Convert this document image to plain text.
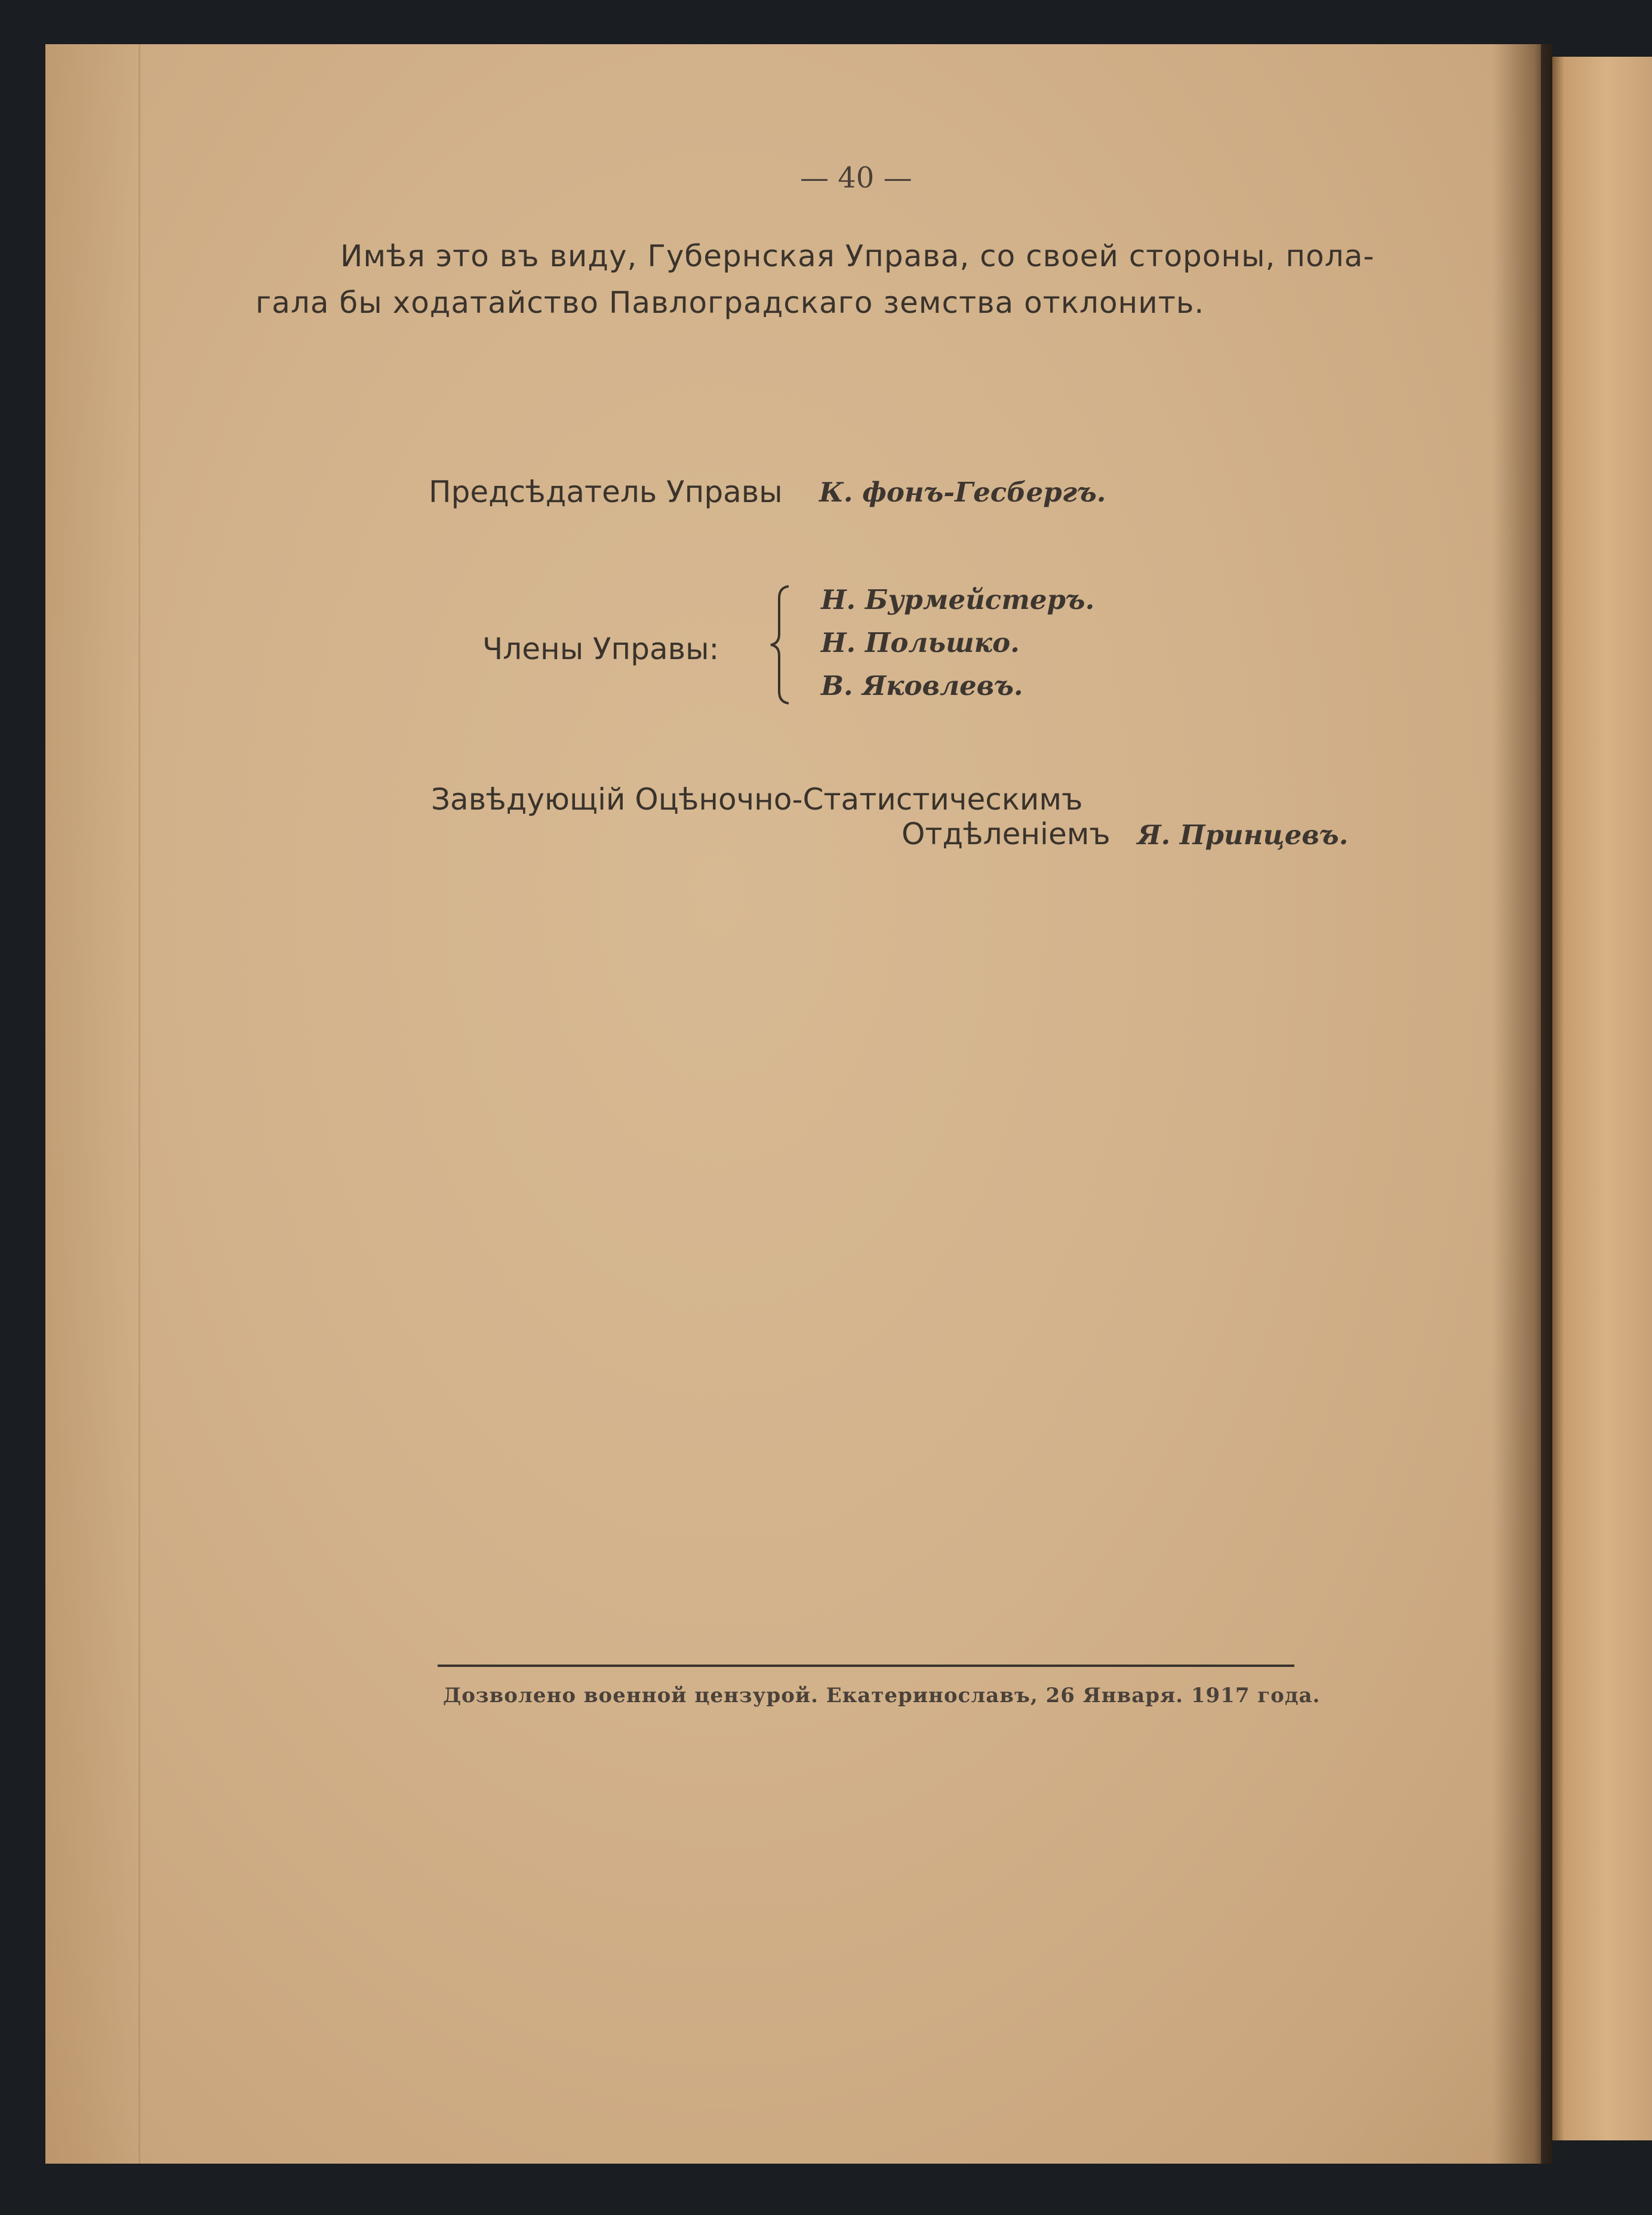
— 40 —
Имѣя это въ виду, Губернская Управа, со своей стороны, пола-
гала бы ходатайство Павлоградскаго земства отклонить.
Предсѣдатель Управы К. фонъ-Гесбергъ.
Члены Управы:
Н. Бурмейстеръ.
Н. Польшко.
В. Яковлевъ.
Завѣдующій Оцѣночно-Статистическимъ
Отдѣленіемъ Я. Принцевъ.
Дозволено военной цензурой. Екатеринославъ, 26 Января. 1917 года.
